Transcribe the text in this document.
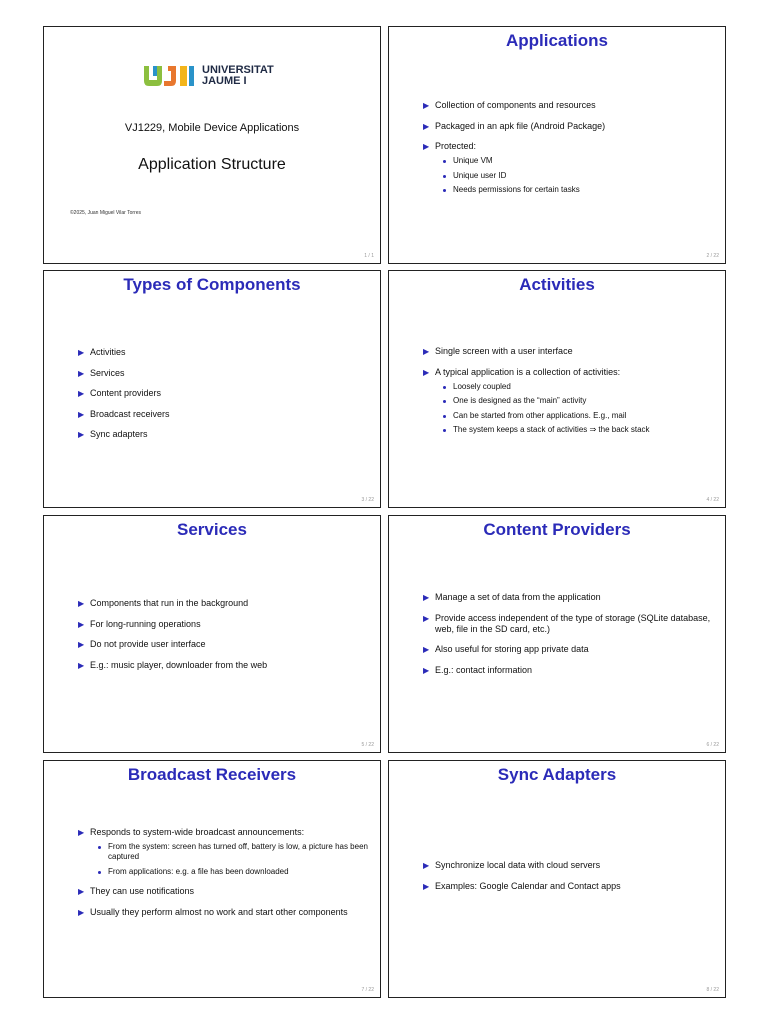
UNIVERSITAT
JAUME I
VJ1229, Mobile Device Applications
Application Structure
©2025, Juan Miguel Vilar Torres
1 / 1
Applications
▶ Collection of components and resources
▶ Packaged in an apk file (Android Package)
▶ Protected:
Unique VM
Unique user ID
Needs permissions for certain tasks
2 / 22
Types of Components
▶ Activities
▶ Services
▶ Content providers
▶ Broadcast receivers
▶ Sync adapters
3 / 22
Activities
▶ Single screen with a user interface
▶ A typical application is a collection of activities:
Loosely coupled
One is designed as the “main” activity
Can be started from other applications. E.g., mail
The system keeps a stack of activities ⇒ the back stack
4 / 22
Services
▶ Components that run in the background
▶ For long-running operations
▶ Do not provide user interface
▶ E.g.: music player, downloader from the web
5 / 22
Content Providers
▶ Manage a set of data from the application
▶ Provide access independent of the type of storage (SQLite database, web, file in the SD card, etc.)
▶ Also useful for storing app private data
▶ E.g.: contact information
6 / 22
Broadcast Receivers
▶ Responds to system-wide broadcast announcements:
From the system: screen has turned off, battery is low, a picture has been captured
From applications: e.g. a file has been downloaded
▶ They can use notifications
▶ Usually they perform almost no work and start other components
7 / 22
Sync Adapters
▶ Synchronize local data with cloud servers
▶ Examples: Google Calendar and Contact apps
8 / 22
